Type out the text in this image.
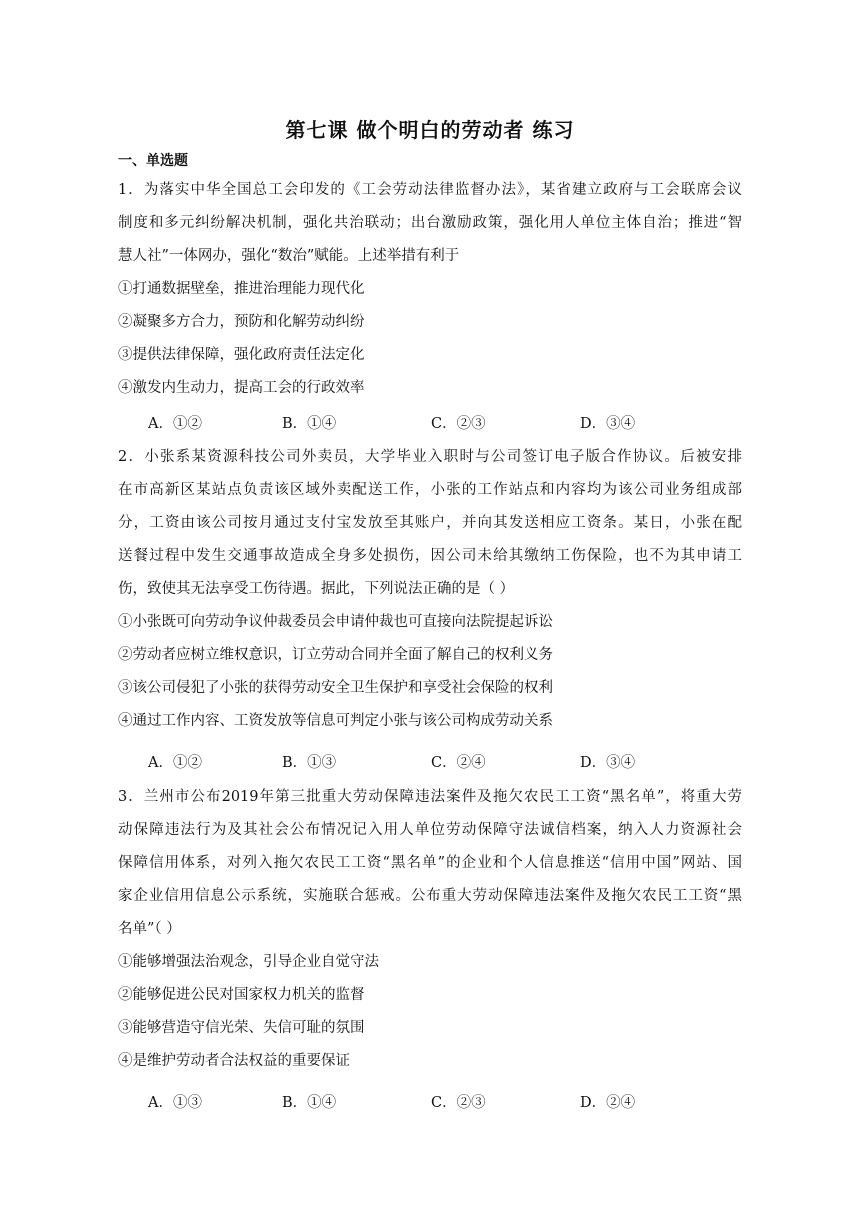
第七课 做个明白的劳动者 练习
一、单选题
1．为落实中华全国总工会印发的《工会劳动法律监督办法》，某省建立政府与工会联席会议
制度和多元纠纷解决机制，强化共治联动；出台激励政策，强化用人单位主体自治；推进“智
慧人社”一体网办，强化“数治”赋能。上述举措有利于
①打通数据壁垒，推进治理能力现代化
②凝聚多方合力，预防和化解劳动纠纷
③提供法律保障，强化政府责任法定化
④激发内生动力，提高工会的行政效率
A．①②	B．①④	C．②③	D．③④
2．小张系某资源科技公司外卖员，大学毕业入职时与公司签订电子版合作协议。后被安排
在市高新区某站点负责该区域外卖配送工作，小张的工作站点和内容均为该公司业务组成部
分，工资由该公司按月通过支付宝发放至其账户，并向其发送相应工资条。某日，小张在配
送餐过程中发生交通事故造成全身多处损伤，因公司未给其缴纳工伤保险，也不为其申请工
伤，致使其无法享受工伤待遇。据此，下列说法正确的是（ ）
①小张既可向劳动争议仲裁委员会申请仲裁也可直接向法院提起诉讼
②劳动者应树立维权意识，订立劳动合同并全面了解自己的权利义务
③该公司侵犯了小张的获得劳动安全卫生保护和享受社会保险的权利
④通过工作内容、工资发放等信息可判定小张与该公司构成劳动关系
A．①②	B．①③	C．②④	D．③④
3．兰州市公布2019年第三批重大劳动保障违法案件及拖欠农民工工资“黑名单”，将重大劳
动保障违法行为及其社会公布情况记入用人单位劳动保障守法诚信档案，纳入人力资源社会
保障信用体系，对列入拖欠农民工工资“黑名单”的企业和个人信息推送“信用中国”网站、国
家企业信用信息公示系统，实施联合惩戒。公布重大劳动保障违法案件及拖欠农民工工资“黑
名单”（ ）
①能够增强法治观念，引导企业自觉守法
②能够促进公民对国家权力机关的监督
③能够营造守信光荣、失信可耻的氛围
④是维护劳动者合法权益的重要保证
A．①③	B．①④	C．②③	D．②④
